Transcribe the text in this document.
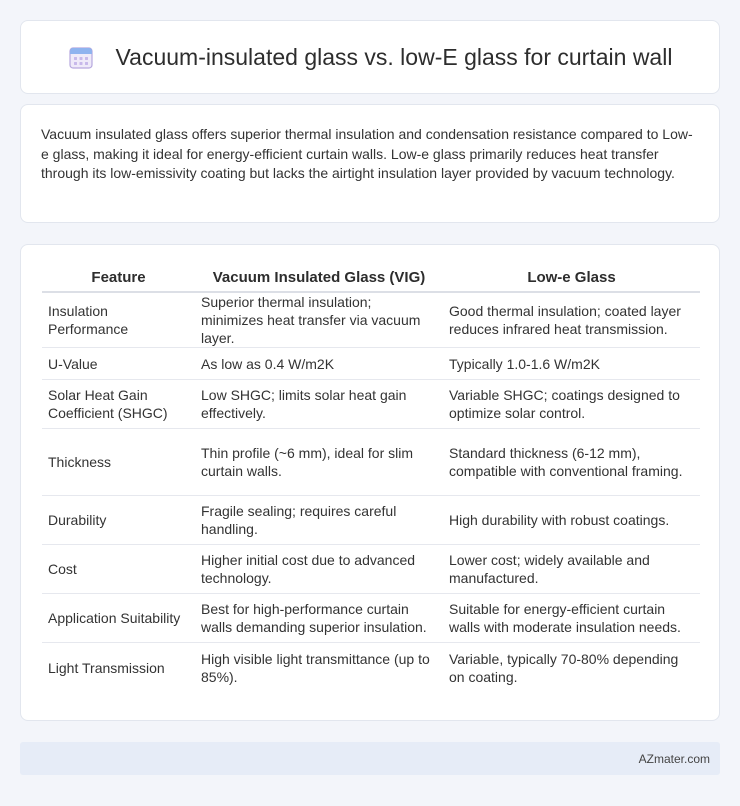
Vacuum-insulated glass vs. low-E glass for curtain wall

Vacuum insulated glass offers superior thermal insulation and condensation resistance compared to Low-e glass, making it ideal for energy-efficient curtain walls. Low-e glass primarily reduces heat transfer through its low-emissivity coating but lacks the airtight insulation layer provided by vacuum technology.

Feature	Vacuum Insulated Glass (VIG)	Low-e Glass
Insulation Performance	Superior thermal insulation; minimizes heat transfer via vacuum layer.	Good thermal insulation; coated layer reduces infrared heat transmission.
U-Value	As low as 0.4 W/m2K	Typically 1.0-1.6 W/m2K
Solar Heat Gain Coefficient (SHGC)	Low SHGC; limits solar heat gain effectively.	Variable SHGC; coatings designed to optimize solar control.
Thickness	Thin profile (~6 mm), ideal for slim curtain walls.	Standard thickness (6-12 mm), compatible with conventional framing.
Durability	Fragile sealing; requires careful handling.	High durability with robust coatings.
Cost	Higher initial cost due to advanced technology.	Lower cost; widely available and manufactured.
Application Suitability	Best for high-performance curtain walls demanding superior insulation.	Suitable for energy-efficient curtain walls with moderate insulation needs.
Light Transmission	High visible light transmittance (up to 85%).	Variable, typically 70-80% depending on coating.
AZmater.com
